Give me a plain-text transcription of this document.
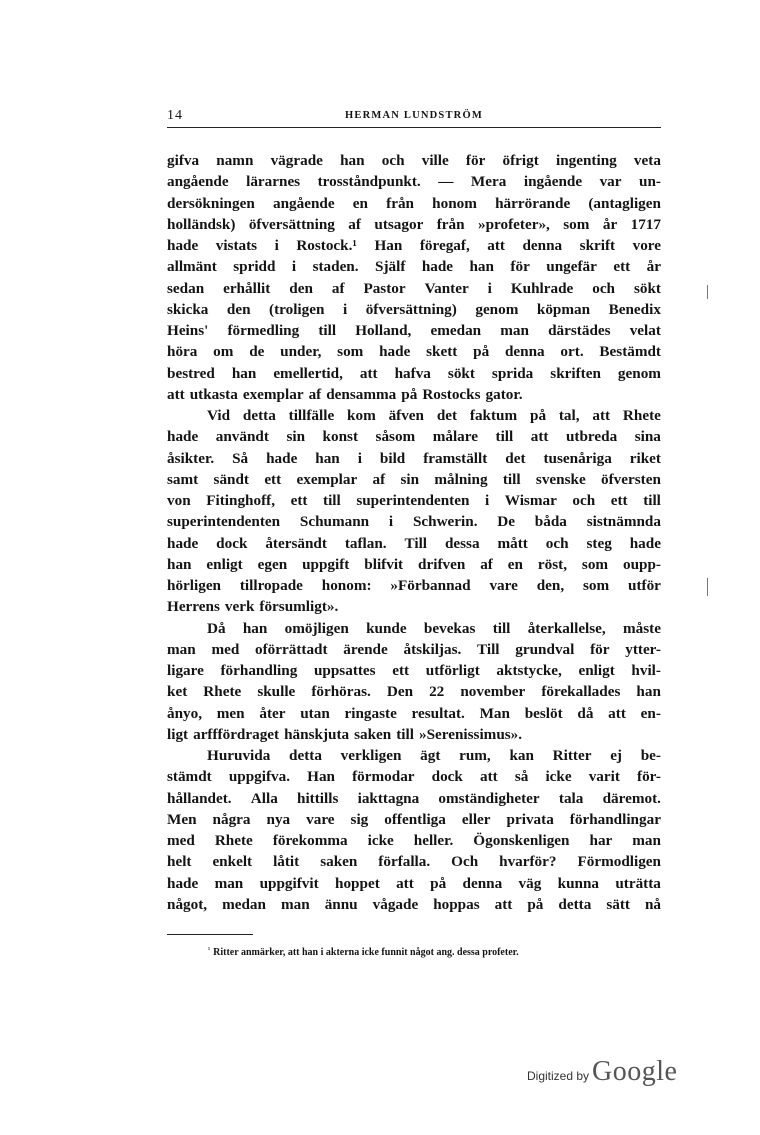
14	HERMAN LUNDSTRÖM
gifva namn vägrade han och ville för öfrigt ingenting veta
angående lärarnes trosståndpunkt. — Mera ingående var un-
dersökningen angående en från honom härrörande (antagligen
holländsk) öfversättning af utsagor från »profeter», som år 1717
hade vistats i Rostock.¹ Han föregaf, att denna skrift vore
allmänt spridd i staden. Själf hade han för ungefär ett år
sedan erhållit den af Pastor Vanter i Kuhlrade och sökt
skicka den (troligen i öfversättning) genom köpman Benedix
Heins' förmedling till Holland, emedan man därstädes velat
höra om de under, som hade skett på denna ort. Bestämdt
bestred han emellertid, att hafva sökt sprida skriften genom
att utkasta exemplar af densamma på Rostocks gator.
Vid detta tillfälle kom äfven det faktum på tal, att Rhete
hade användt sin konst såsom målare till att utbreda sina
åsikter. Så hade han i bild framställt det tusenåriga riket
samt sändt ett exemplar af sin målning till svenske öfversten
von Fitinghoff, ett till superintendenten i Wismar och ett till
superintendenten Schumann i Schwerin. De båda sistnämnda
hade dock återsändt taflan. Till dessa mått och steg hade
han enligt egen uppgift blifvit drifven af en röst, som oupp-
hörligen tillropade honom: »Förbannad vare den, som utför
Herrens verk försumligt».
Då han omöjligen kunde bevekas till återkallelse, måste
man med oförrättadt ärende åtskiljas. Till grundval för ytter-
ligare förhandling uppsattes ett utförligt aktstycke, enligt hvil-
ket Rhete skulle förhöras. Den 22 november förekallades han
ånyo, men åter utan ringaste resultat. Man beslöt då att en-
ligt arfffördraget hänskjuta saken till »Serenissimus».
Huruvida detta verkligen ägt rum, kan Ritter ej be-
stämdt uppgifva. Han förmodar dock att så icke varit för-
hållandet. Alla hittills iakttagna omständigheter tala däremot.
Men några nya vare sig offentliga eller privata förhandlingar
med Rhete förekomma icke heller. Ögonskenligen har man
helt enkelt låtit saken förfalla. Och hvarför? Förmodligen
hade man uppgifvit hoppet att på denna väg kunna uträtta
något, medan man ännu vågade hoppas att på detta sätt nå
$^{^1}$ Ritter anmärker, att han i akterna icke funnit något ang. dessa profeter.
Digitized by Google
